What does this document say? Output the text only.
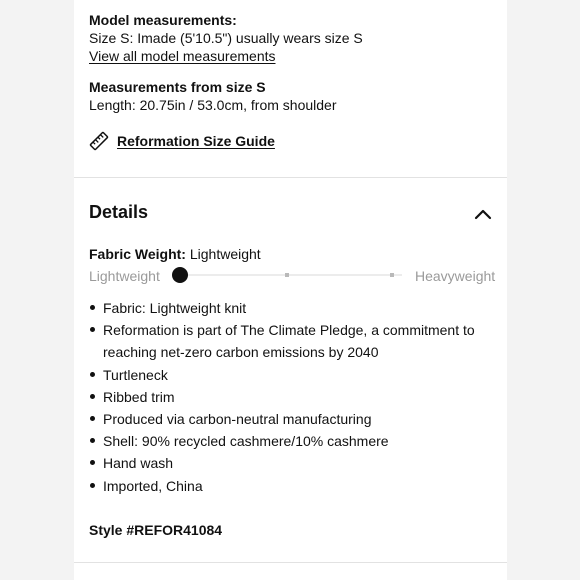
Model measurements:

Size S: Imade (5'10.5") usually wears size S

View all model measurements

Measurements from size S

Length: 20.75in / 53.0cm, from shoulder

Reformation Size Guide
Details
Fabric Weight: Lightweight
Lightweight	Heavyweight
Fabric: Lightweight knit
Reformation is part of The Climate Pledge, a commitment to reaching net-zero carbon emissions by 2040
Turtleneck
Ribbed trim
Produced via carbon-neutral manufacturing
Shell: 90% recycled cashmere/10% cashmere
Hand wash
Imported, China

Style #REFOR41084
